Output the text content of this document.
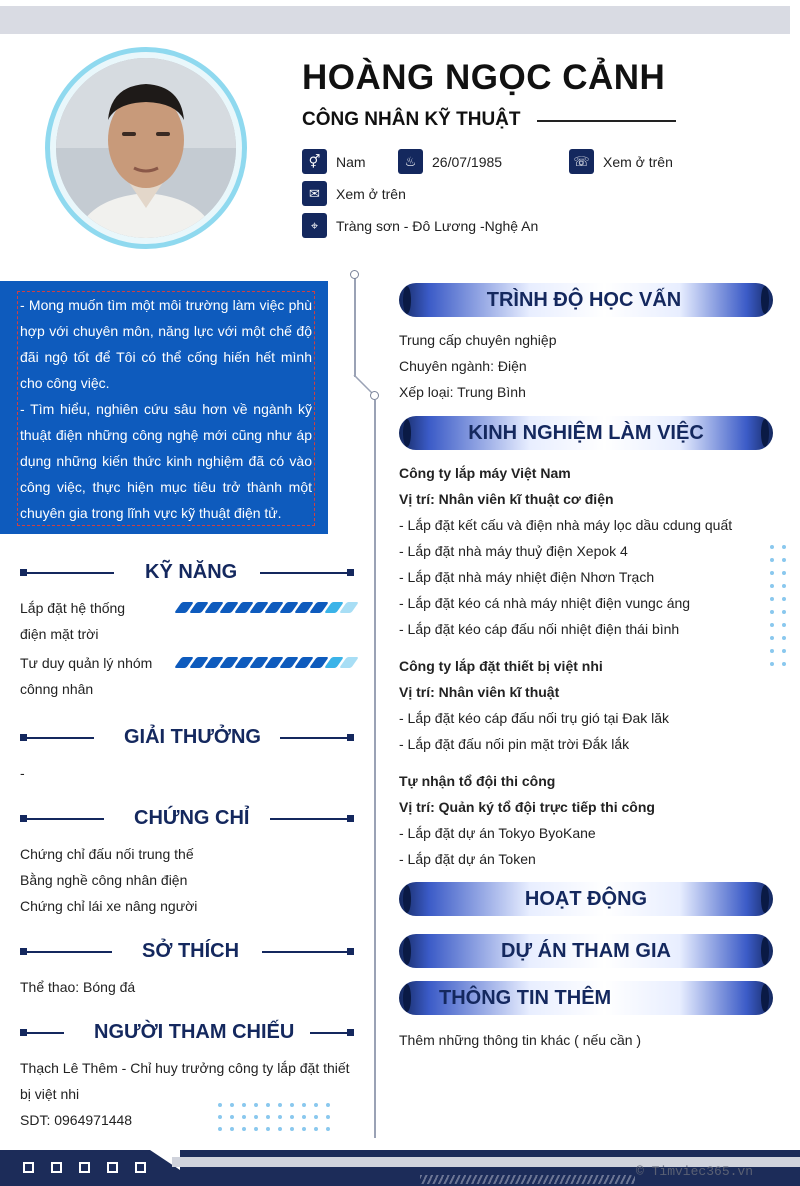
HOÀNG NGỌC CẢNH
CÔNG NHÂN KỸ THUẬT
⚥	Nam	♨	26/07/1985	☏ Xem ở trên
✉	Xem ở trên
⌖	Tràng sơn - Đô Lương -Nghệ An
- Mong muốn tìm một môi trường làm việc phù hợp với chuyên môn, năng lực với một chế độ đãi ngộ tốt để Tôi có thể cống hiến hết mình cho công việc.
- Tìm hiểu, nghiên cứu sâu hơn về ngành kỹ thuật điện những công nghệ mới cũng như áp dụng những kiến thức kinh nghiệm đã có vào công việc, thực hiện mục tiêu trở thành một chuyên gia trong lĩnh vực kỹ thuật điện tử.
KỸ NĂNG
Lắp đặt hệ thống
điện mặt trời
Tư duy quản lý nhóm
cônng nhân
GIẢI THƯỞNG
-
CHỨNG CHỈ
Chứng chỉ đấu nối trung thế
Bằng nghề công nhân điện
Chứng chỉ lái xe nâng người
SỞ THÍCH
Thể thao: Bóng đá
NGƯỜI THAM CHIẾU
Thạch Lê Thêm - Chỉ huy trưởng công ty lắp đặt thiết
bị việt nhi
SDT: 0964971448
TRÌNH ĐỘ HỌC VẤN
Trung cấp chuyên nghiệp
Chuyên ngành: Điện
Xếp loại: Trung Bình
KINH NGHIỆM LÀM VIỆC
Công ty lắp máy Việt Nam
Vị trí: Nhân viên kĩ thuật cơ điện
- Lắp đặt kết cấu và điện nhà máy lọc dầu cdung quất
- Lắp đặt nhà máy thuỷ điện Xepok 4
- Lắp đặt nhà máy nhiệt điện Nhơn Trạch
- Lắp đặt kéo cá nhà máy nhiệt điện vungc áng
- Lắp đặt kéo cáp đấu nối nhiệt điện thái bình
Công ty lắp đặt thiết bị việt nhi
Vị trí: Nhân viên kĩ thuật
- Lắp đặt kéo cáp đấu nối trụ gió tại Đak lăk
- Lắp đặt đấu nối pin mặt trời Đắk lắk
Tự nhận tổ đội thi công
Vị trí: Quản ký tổ đội trực tiếp thi công
- Lắp đặt dự án Tokyo ByoKane
- Lắp đặt dự án Token
HOẠT ĐỘNG
DỰ ÁN THAM GIA
THÔNG TIN THÊM
Thêm những thông tin khác ( nếu cần )
© Timviec365.vn
